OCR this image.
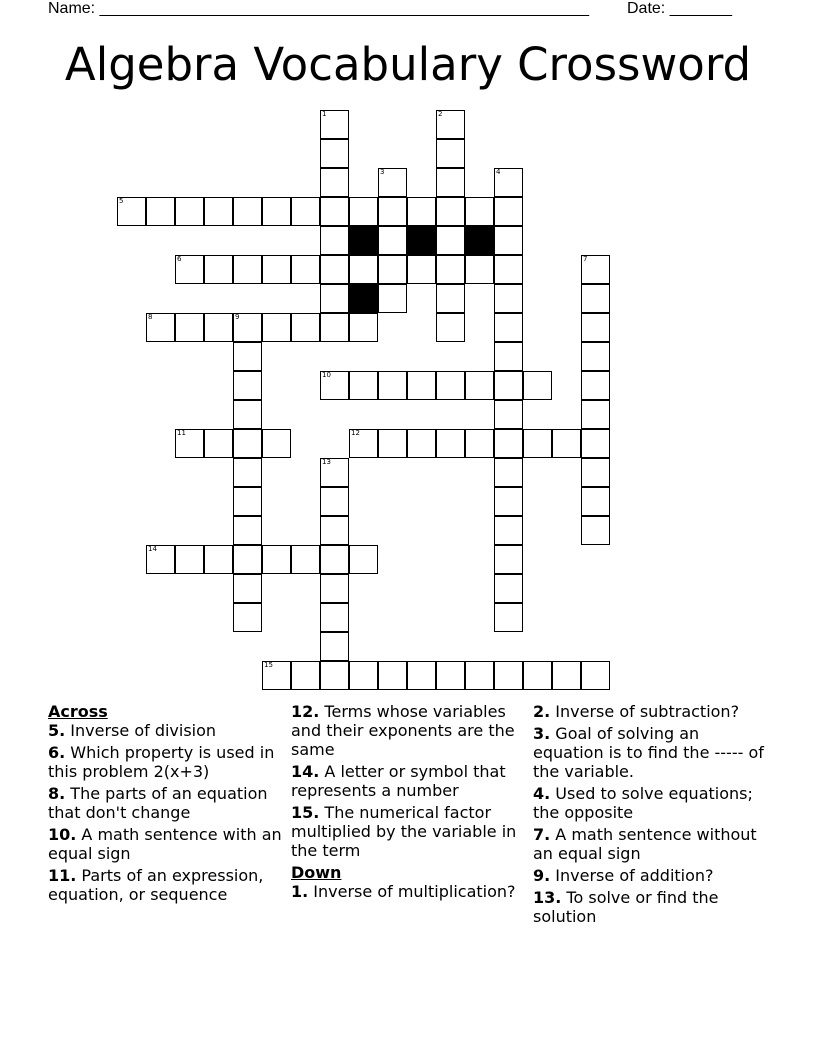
Name: _______________________________________________________ Date: _______
Algebra Vocabulary Crossword
1	2
3	4
5
6	7
8	9
10
11	12
13
14
15
Across
5. Inverse of division
6. Which property is used in this problem 2(x+3)
8. The parts of an equation that don't change
10. A math sentence with an equal sign
11. Parts of an expression, equation, or sequence
12. Terms whose variables and their exponents are the same
14. A letter or symbol that represents a number
15. The numerical factor multiplied by the variable in the term
Down
1. Inverse of multiplication?
2. Inverse of subtraction?
3. Goal of solving an equation is to find the ----- of the variable.
4. Used to solve equations; the opposite
7. A math sentence without an equal sign
9. Inverse of addition?
13. To solve or find the solution
